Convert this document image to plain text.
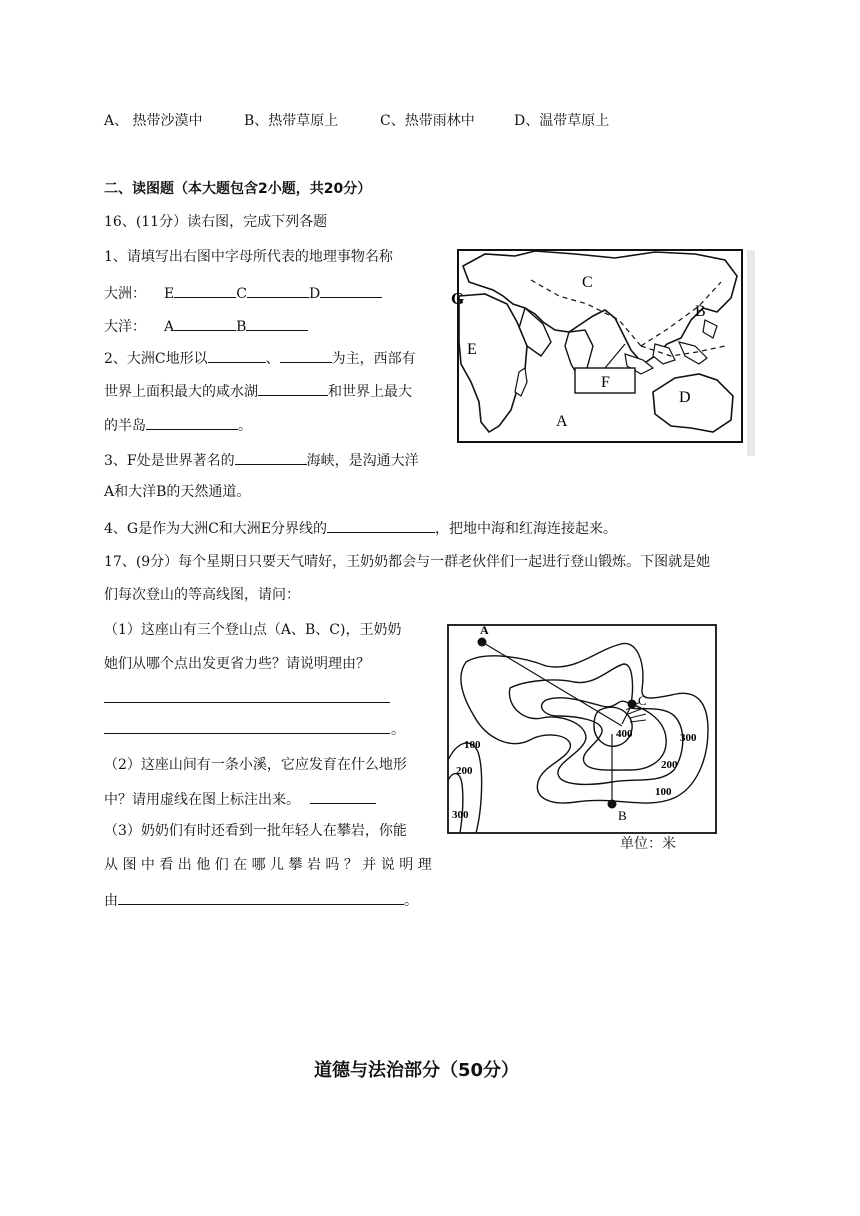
A、 热带沙漠中	B、热带草原上	C、热带雨林中	D、温带草原上
二、读图题（本大题包含2小题，共20分）
16、(11分）读右图，完成下列各题
1、请填写出右图中字母所代表的地理事物名称
大洲： E	C	D
大洋： A	B
2、大洲C地形以	、	为主，西部有
世界上面积最大的咸水湖	和世界上最大
的半岛	。
3、F处是世界著名的	海峡，是沟通大洋
A和大洋B的天然通道。
4、G是作为大洲C和大洲E分界线的	，把地中海和红海连接起来。
G
C
B
E
F
D
A
17、(9分）每个星期日只要天气晴好，王奶奶都会与一群老伙伴们一起进行登山锻炼。下图就是她
们每次登山的等高线图，请问：
（1）这座山有三个登山点（A、B、C)，王奶奶
她们从哪个点出发更省力些？请说明理由？
。
（2）这座山间有一条小溪，它应发育在什么地形
中？请用虚线在图上标注出来。
（3）奶奶们有时还看到一批年轻人在攀岩，你能
从 图 中 看 出 他 们 在 哪 儿 攀 岩 吗 ？ 并 说 明 理
由	。
A
B
C
400	300
200
100
100
200
300
单位：米
道德与法治部分（50分）
